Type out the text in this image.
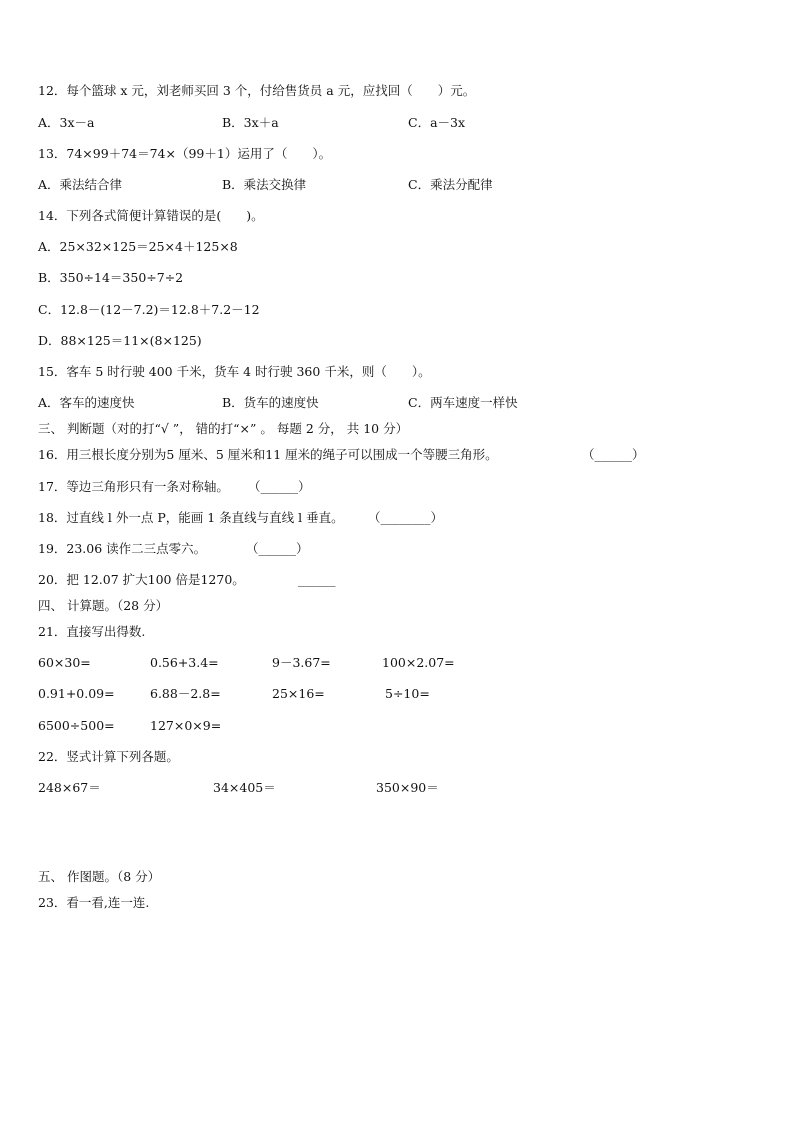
12．每个篮球 x 元，刘老师买回 3 个，付给售货员 a 元，应找回（　　）元。
A．3x－a	B．3x＋a	C．a－3x
13．74×99＋74＝74×（99＋1）运用了（　　）。
A．乘法结合律	B．乘法交换律	C．乘法分配律
14．下列各式简便计算错误的是(　　)。
A．25×32×125＝25×4＋125×8
B．350÷14＝350÷7÷2
C．12.8－(12－7.2)＝12.8＋7.2－12
D．88×125＝11×(8×125)
15．客车 5 时行驶 400 千米，货车 4 时行驶 360 千米，则（　　）。
A．客车的速度快	B．货车的速度快	C．两车速度一样快
三、 判断题（对的打“√ ”， 错的打“×” 。 每题 2 分， 共 10 分）
16．用三根长度分别为5 厘米、5 厘米和11 厘米的绳子可以围成一个等腰三角形。	（______）
17．等边三角形只有一条对称轴。 （______）
18．过直线 l 外一点 P，能画 1 条直线与直线 l 垂直。 （________）
19．23.06 读作二三点零六。	（______）
20．把 12.07 扩大100 倍是1270。	______
四、 计算题。（28 分）
21．直接写出得数.
60×30=	0.56+3.4=	9－3.67=	100×2.07=
0.91+0.09=	6.88－2.8=	25×16=	5÷10=
6500÷500=	127×0×9=
22．竖式计算下列各题。
248×67＝	34×405＝	350×90＝
五、 作图题。（8 分）
23．看一看,连一连.
